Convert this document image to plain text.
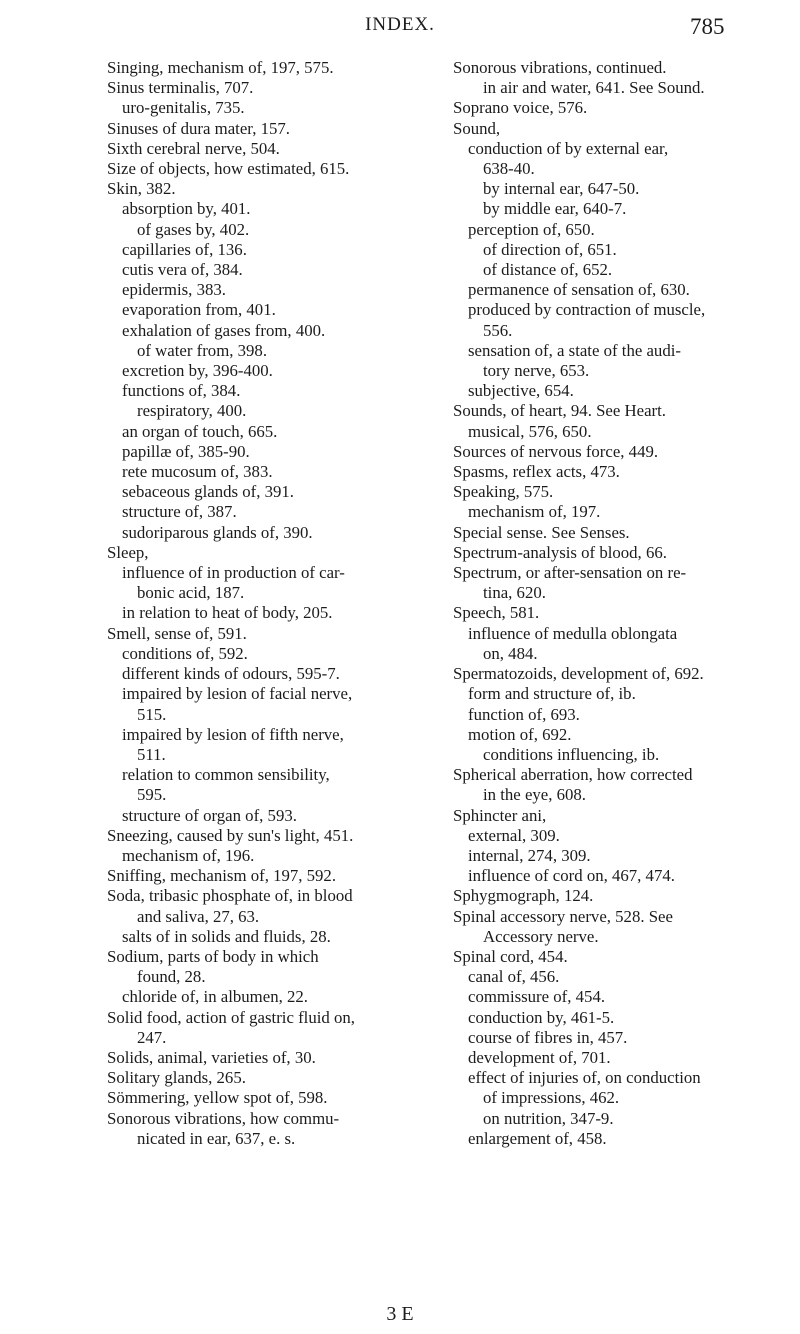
INDEX.	785
Singing, mechanism of, 197, 575.
Sinus terminalis, 707.
uro-genitalis, 735.
Sinuses of dura mater, 157.
Sixth cerebral nerve, 504.
Size of objects, how estimated, 615.
Skin, 382.
absorption by, 401.
of gases by, 402.
capillaries of, 136.
cutis vera of, 384.
epidermis, 383.
evaporation from, 401.
exhalation of gases from, 400.
of water from, 398.
excretion by, 396-400.
functions of, 384.
respiratory, 400.
an organ of touch, 665.
papillæ of, 385-90.
rete mucosum of, 383.
sebaceous glands of, 391.
structure of, 387.
sudoriparous glands of, 390.
Sleep,
influence of in production of car-
bonic acid, 187.
in relation to heat of body, 205.
Smell, sense of, 591.
conditions of, 592.
different kinds of odours, 595-7.
impaired by lesion of facial nerve,
515.
impaired by lesion of fifth nerve,
511.
relation to common sensibility,
595.
structure of organ of, 593.
Sneezing, caused by sun's light, 451.
mechanism of, 196.
Sniffing, mechanism of, 197, 592.
Soda, tribasic phosphate of, in blood
and saliva, 27, 63.
salts of in solids and fluids, 28.
Sodium, parts of body in which
found, 28.
chloride of, in albumen, 22.
Solid food, action of gastric fluid on,
247.
Solids, animal, varieties of, 30.
Solitary glands, 265.
Sömmering, yellow spot of, 598.
Sonorous vibrations, how commu-
nicated in ear, 637, e. s.
Sonorous vibrations, continued.
in air and water, 641. See Sound.
Soprano voice, 576.
Sound,
conduction of by external ear,
638-40.
by internal ear, 647-50.
by middle ear, 640-7.
perception of, 650.
of direction of, 651.
of distance of, 652.
permanence of sensation of, 630.
produced by contraction of muscle,
556.
sensation of, a state of the audi-
tory nerve, 653.
subjective, 654.
Sounds, of heart, 94. See Heart.
musical, 576, 650.
Sources of nervous force, 449.
Spasms, reflex acts, 473.
Speaking, 575.
mechanism of, 197.
Special sense. See Senses.
Spectrum-analysis of blood, 66.
Spectrum, or after-sensation on re-
tina, 620.
Speech, 581.
influence of medulla oblongata
on, 484.
Spermatozoids, development of, 692.
form and structure of, ib.
function of, 693.
motion of, 692.
conditions influencing, ib.
Spherical aberration, how corrected
in the eye, 608.
Sphincter ani,
external, 309.
internal, 274, 309.
influence of cord on, 467, 474.
Sphygmograph, 124.
Spinal accessory nerve, 528. See
Accessory nerve.
Spinal cord, 454.
canal of, 456.
commissure of, 454.
conduction by, 461-5.
course of fibres in, 457.
development of, 701.
effect of injuries of, on conduction
of impressions, 462.
on nutrition, 347-9.
enlargement of, 458.
3 E
